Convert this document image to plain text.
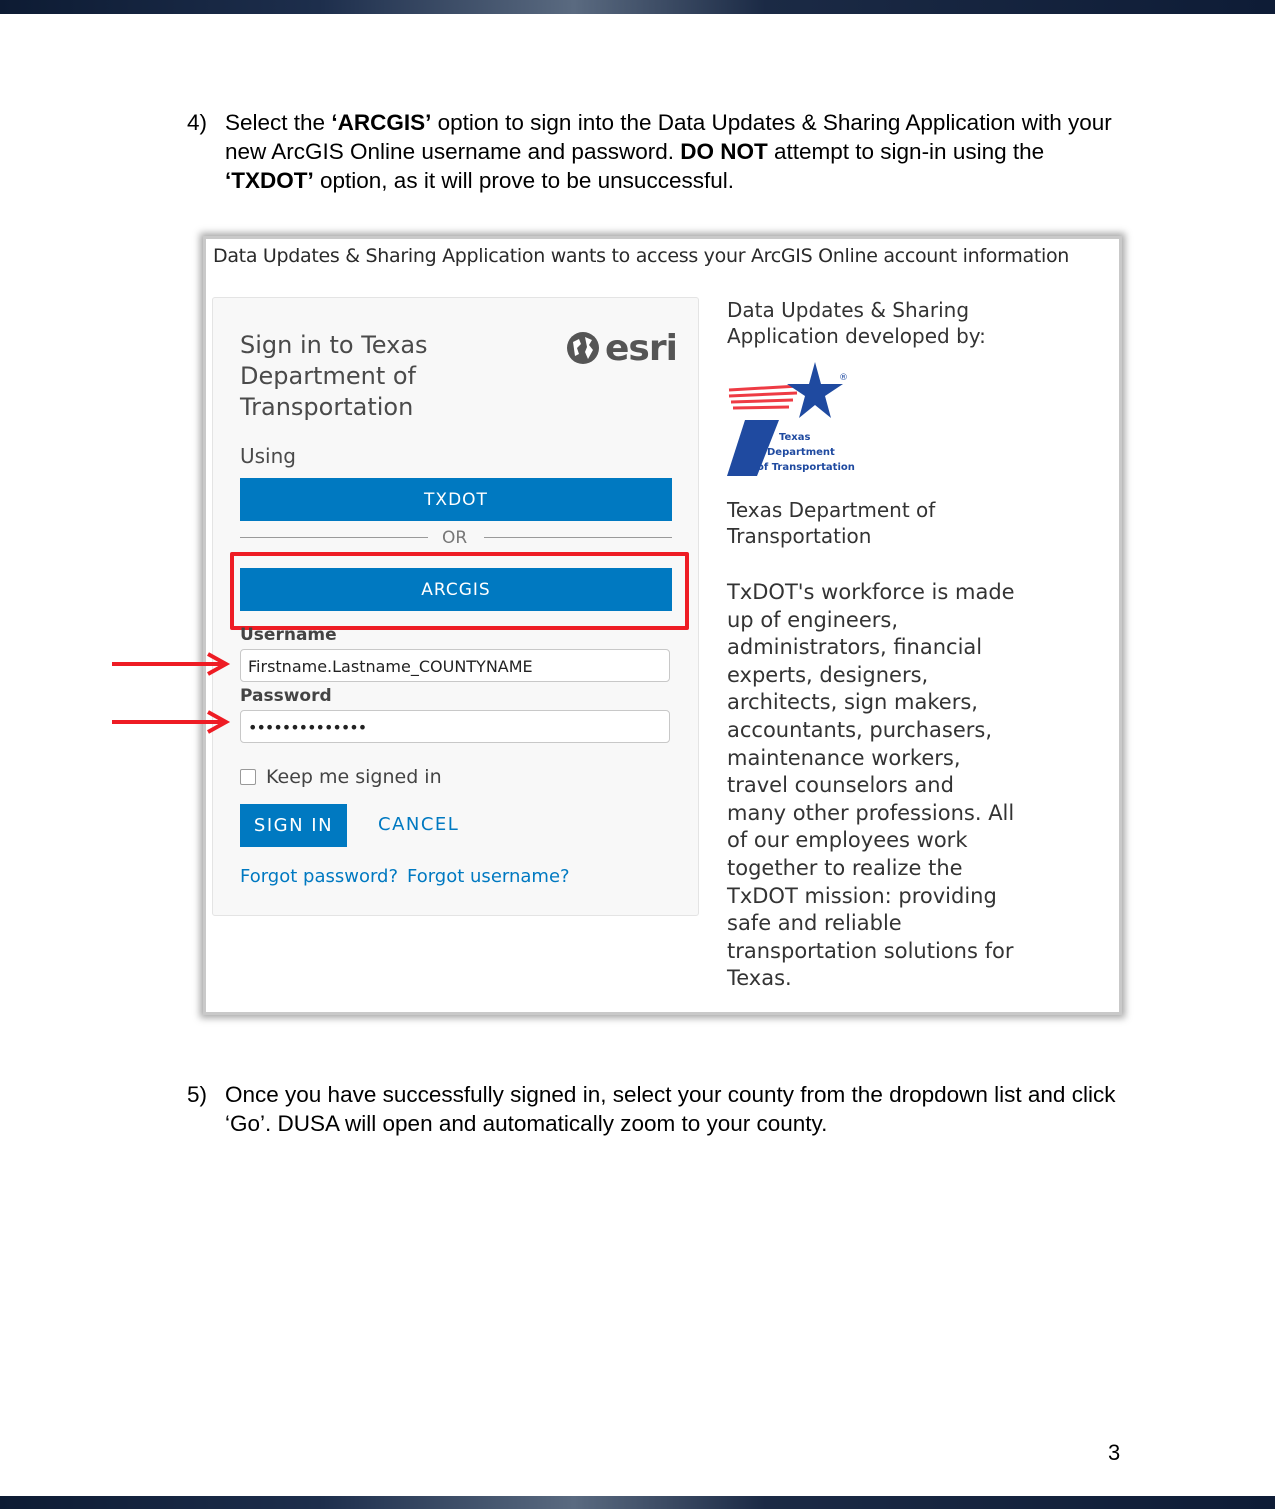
4) Select the ‘ARCGIS’ option to sign into the Data Updates & Sharing Application with your new ArcGIS Online username and password. DO NOT attempt to sign-in using the ‘TXDOT’ option, as it will prove to be unsuccessful.
Data Updates & Sharing Application wants to access your ArcGIS Online account information
Sign in to Texas
Department of
Transportation
esri
Using
TXDOT
OR
ARCGIS
Username
Firstname.Lastname_COUNTYNAME
Password
••••••••••••••
Keep me signed in
SIGN IN	CANCEL
Forgot password? Forgot username?
Data Updates & Sharing
Application developed by:
®
Texas
Department
of Transportation
Texas Department of
Transportation
TxDOT's workforce is made up of engineers, administrators, financial experts, designers, architects, sign makers, accountants, purchasers, maintenance workers, travel counselors and many other professions. All of our employees work together to realize the TxDOT mission: providing safe and reliable transportation solutions for Texas.
5) Once you have successfully signed in, select your county from the dropdown list and click ‘Go’. DUSA will open and automatically zoom to your county.
3
